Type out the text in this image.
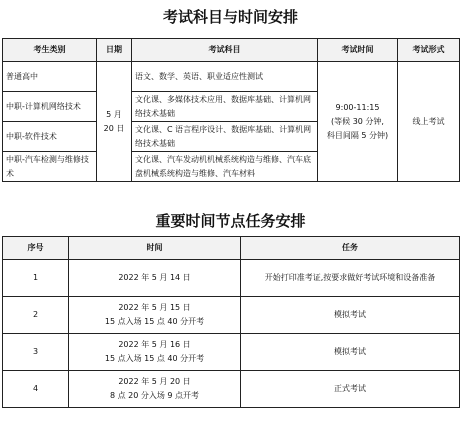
考试科目与时间安排
考生类别	日期	考试科目	考试时间	考试形式
普通高中	5 月 20 日	语文、数学、英语、职业适应性测试	9:00-11:15
(等候 30 分钟,
科目间隔 5 分钟)	线上考试
中职-计算机网络技术		文化课、多媒体技术应用、数据库基础、计算机网络技术基础		
中职-软件技术		文化课、C 语言程序设计、数据库基础、计算机网络技术基础		
中职-汽车检测与维修技术		文化课、汽车发动机机械系统构造与维修、汽车底盘机械系统构造与维修、汽车材料		
重要时间节点任务安排
序号	时间	任务
1	2022 年 5 月 14 日	开始打印准考证,按要求做好考试环境和设备准备
2	2022 年 5 月 15 日
15 点入场 15 点 40 分开考	模拟考试
3	2022 年 5 月 16 日
15 点入场 15 点 40 分开考	模拟考试
4	2022 年 5 月 20 日
8 点 20 分入场 9 点开考	正式考试
